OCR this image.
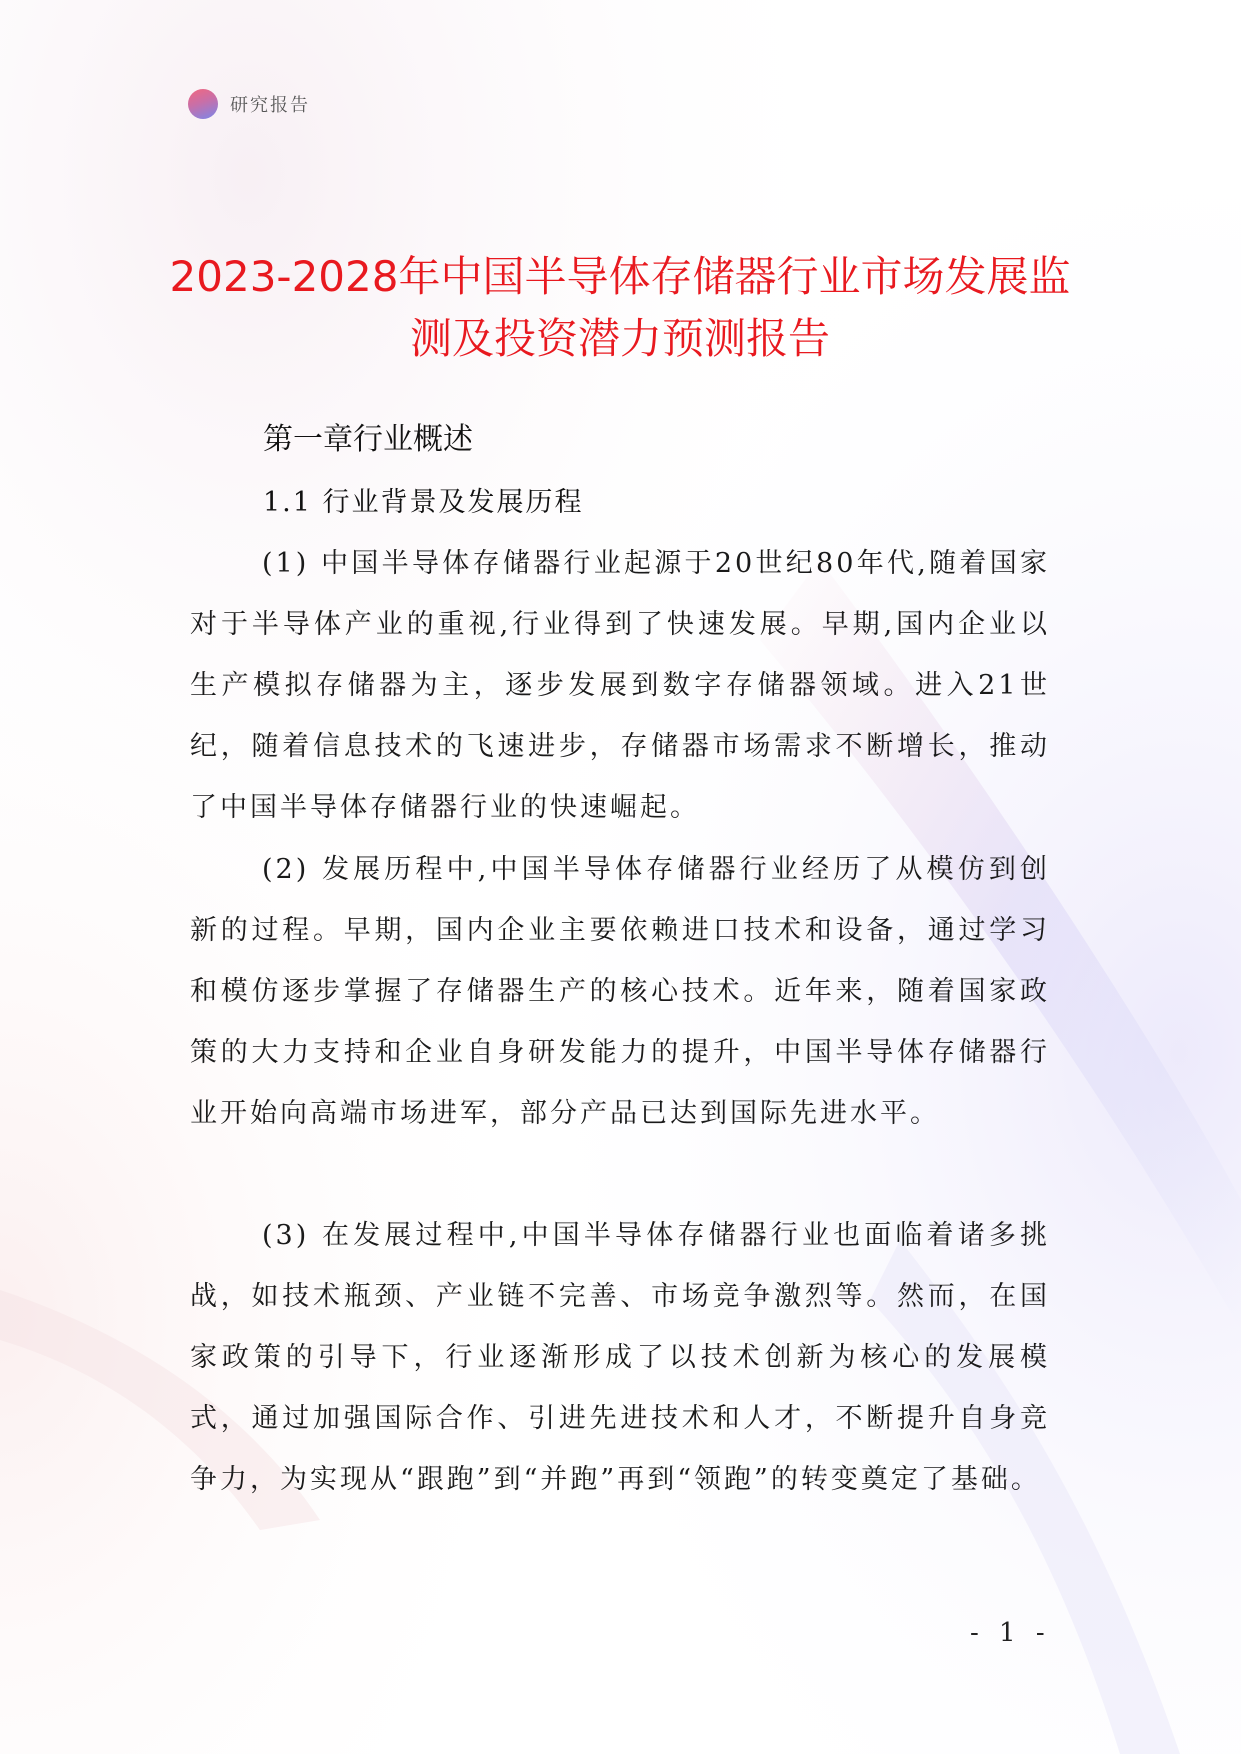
研究报告
2023-2028年中国半导体存储器行业市场发展监测及投资潜力预测报告
第一章行业概述
1.1 行业背景及发展历程

(1) 中国半导体存储器行业起源于20世纪80年代,随着国家对于半导体产业的重视,行业得到了快速发展。早期,国内企业以生产模拟存储器为主，逐步发展到数字存储器领域。进入21世纪，随着信息技术的飞速进步，存储器市场需求不断增长，推动了中国半导体存储器行业的快速崛起。

(2) 发展历程中,中国半导体存储器行业经历了从模仿到创新的过程。早期，国内企业主要依赖进口技术和设备，通过学习和模仿逐步掌握了存储器生产的核心技术。近年来，随着国家政策的大力支持和企业自身研发能力的提升，中国半导体存储器行业开始向高端市场进军，部分产品已达到国际先进水平。

(3) 在发展过程中,中国半导体存储器行业也面临着诸多挑战，如技术瓶颈、产业链不完善、市场竞争激烈等。然而，在国家政策的引导下，行业逐渐形成了以技术创新为核心的发展模式，通过加强国际合作、引进先进技术和人才，不断提升自身竞争力，为实现从“跟跑”到“并跑”再到“领跑”的转变奠定了基础。

- 1 -
